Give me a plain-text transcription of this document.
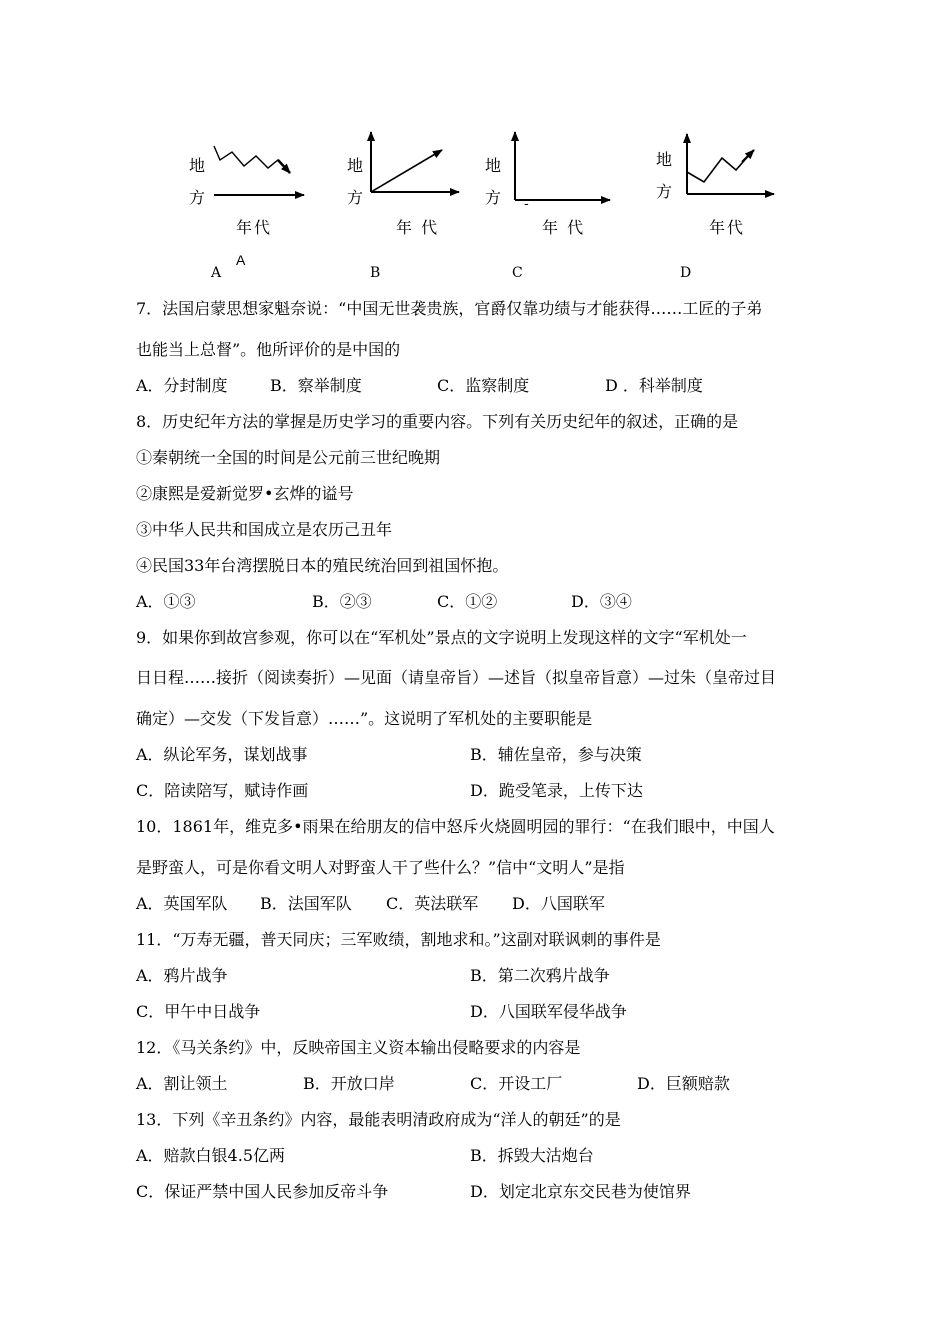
地
方
年代
A
A
地
方
年 代
B
地
方 -
年 代
C
地
方
年代
D
7．法国启蒙思想家魁奈说：“中国无世袭贵族，官爵仅靠功绩与才能获得……工匠的子弟
也能当上总督”。他所评价的是中国的
A．分封制度	B．察举制度	C．监察制度	D ．科举制度
8．历史纪年方法的掌握是历史学习的重要内容。下列有关历史纪年的叙述，正确的是
①秦朝统一全国的时间是公元前三世纪晚期
②康熙是爱新觉罗•玄烨的谥号
③中华人民共和国成立是农历己丑年
④民国33年台湾摆脱日本的殖民统治回到祖国怀抱。
A．①③	B．②③	C．①②	D．③④
9．如果你到故宫参观，你可以在“军机处”景点的文字说明上发现这样的文字“军机处一
日日程……接折（阅读奏折）—见面（请皇帝旨）—述旨（拟皇帝旨意）—过朱（皇帝过目
确定）—交发（下发旨意）……”。这说明了军机处的主要职能是
A．纵论军务，谋划战事	B．辅佐皇帝，参与决策
C．陪读陪写，赋诗作画	D．跪受笔录，上传下达
10．1861年，维克多•雨果在给朋友的信中怒斥火烧圆明园的罪行：“在我们眼中，中国人
是野蛮人，可是你看文明人对野蛮人干了些什么？”信中“文明人”是指
A．英国军队 B．法国军队 C．英法联军 D．八国联军
11．“万寿无疆，普天同庆；三军败绩，割地求和。”这副对联讽刺的事件是
A．鸦片战争	B．第二次鸦片战争
C．甲午中日战争	D．八国联军侵华战争
12．《马关条约》中，反映帝国主义资本输出侵略要求的内容是
A．割让领土	B．开放口岸	C．开设工厂	D．巨额赔款
13．下列《辛丑条约》内容，最能表明清政府成为“洋人的朝廷”的是
A．赔款白银4.5亿两	B．拆毁大沽炮台
C．保证严禁中国人民参加反帝斗争	D．划定北京东交民巷为使馆界
